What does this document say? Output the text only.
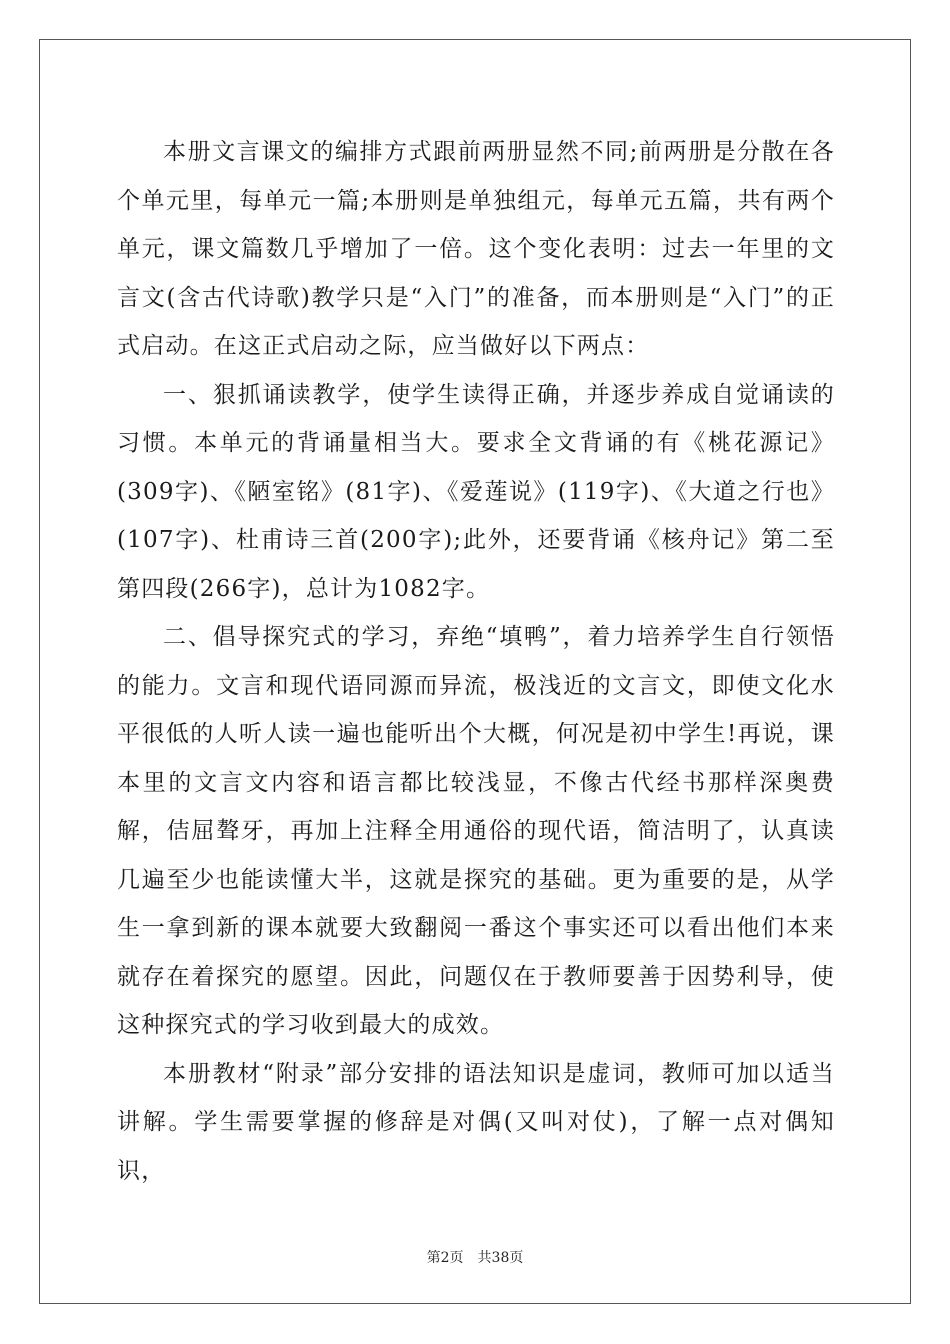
本册文言课文的编排方式跟前两册显然不同;前两册是分散在各个单元里，每单元一篇;本册则是单独组元，每单元五篇，共有两个单元，课文篇数几乎增加了一倍。这个变化表明：过去一年里的文言文(含古代诗歌)教学只是“入门”的准备，而本册则是“入门”的正式启动。在这正式启动之际，应当做好以下两点：

一、狠抓诵读教学，使学生读得正确，并逐步养成自觉诵读的习惯。本单元的背诵量相当大。要求全文背诵的有《桃花源记》(309字)、《陋室铭》(81字)、《爱莲说》(119字)、《大道之行也》(107字)、杜甫诗三首(200字);此外，还要背诵《核舟记》第二至第四段(266字)，总计为1082字。

二、倡导探究式的学习，弃绝“填鸭”，着力培养学生自行领悟的能力。文言和现代语同源而异流，极浅近的文言文，即使文化水平很低的人听人读一遍也能听出个大概，何况是初中学生!再说，课本里的文言文内容和语言都比较浅显，不像古代经书那样深奥费解，佶屈聱牙，再加上注释全用通俗的现代语，简洁明了，认真读几遍至少也能读懂大半，这就是探究的基础。更为重要的是，从学生一拿到新的课本就要大致翻阅一番这个事实还可以看出他们本来就存在着探究的愿望。因此，问题仅在于教师要善于因势利导，使这种探究式的学习收到最大的成效。

本册教材“附录”部分安排的语法知识是虚词，教师可加以适当讲解。学生需要掌握的修辞是对偶(又叫对仗)，了解一点对偶知识，

第2页 共38页
